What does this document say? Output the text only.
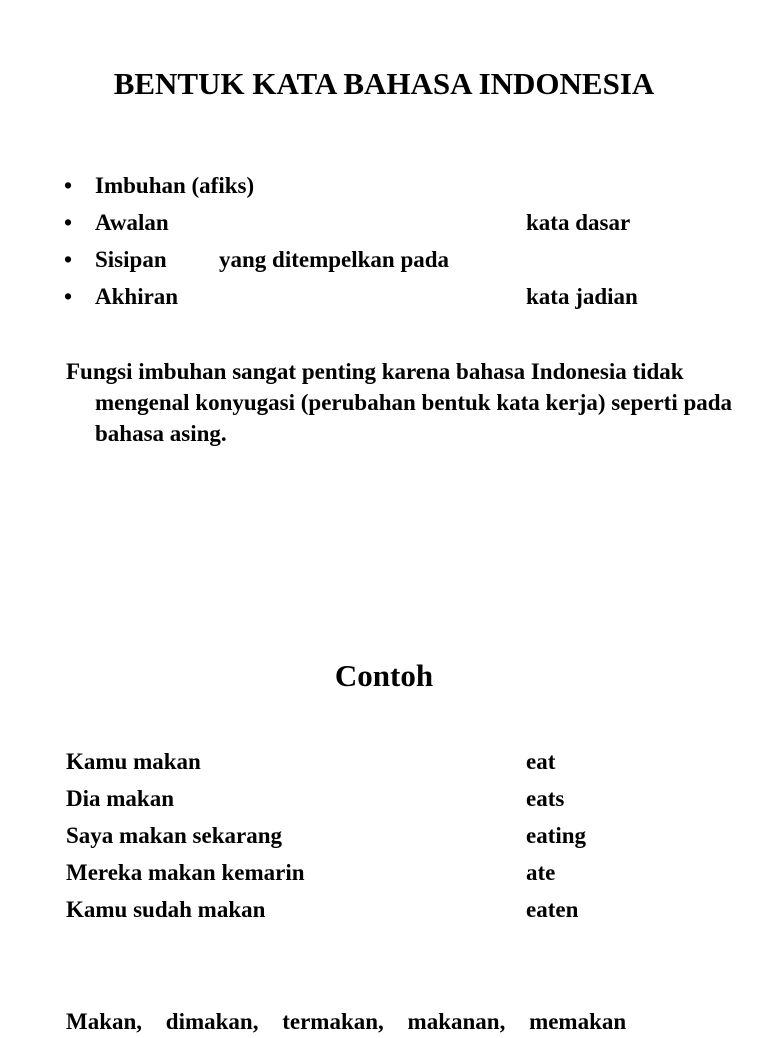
BENTUK KATA BAHASA INDONESIA
• Imbuhan (afiks)
• Awalan	kata dasar
• Sisipan yang ditempelkan pada
• Akhiran	kata jadian
Fungsi imbuhan sangat penting karena bahasa Indonesia tidak mengenal konyugasi (perubahan bentuk kata kerja) seperti pada bahasa asing.
Contoh
Kamu makan	eat
Dia makan	eats
Saya makan sekarang	eating
Mereka makan kemarin	ate
Kamu sudah makan	eaten
Makan, dimakan, termakan, makanan, memakan
